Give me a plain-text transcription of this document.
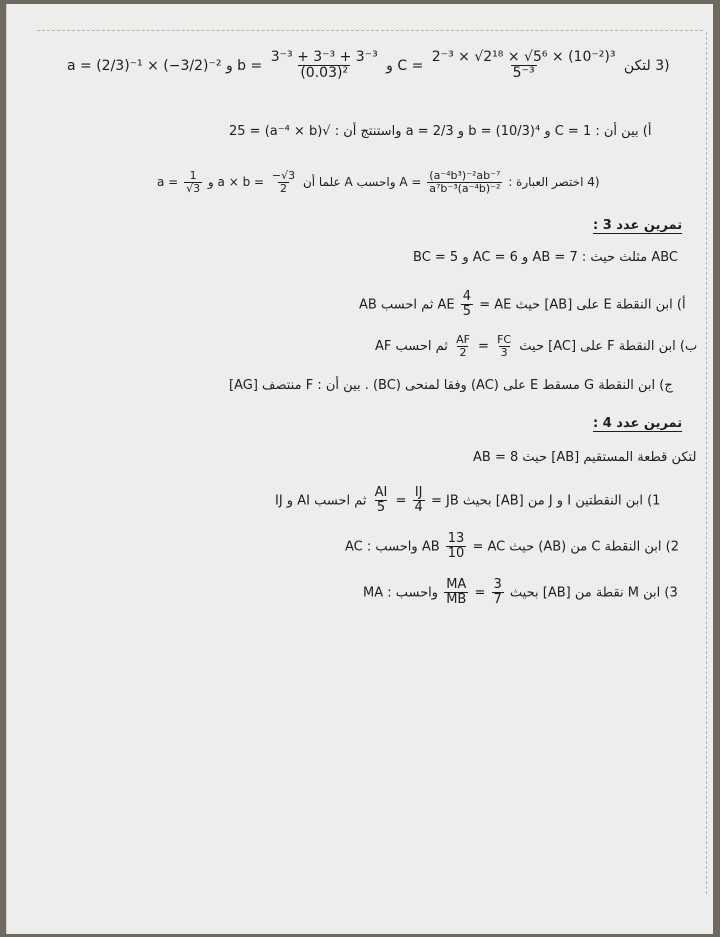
a = (2/3)⁻¹ × (−3/2)⁻² و $b = \frac{\text{3⁻³ + 3⁻³ + 3⁻³}}{\text{(0.03)²}}$ و $C = \frac{\text{2⁻³ × √2¹⁸ × √5⁶ × (10⁻²)³}}{\text{5⁻³}} (3$ لتكن
واستنتج أن : √(a⁻⁴ × b) = 25 a = 2/3 و b = (10/3)⁴ و C = 1 أ) بين أن :
$a = \frac{1}{√3}$ و $a \times b = \frac{-√3}{2}$ واحسب A علما أن $A = \frac{\text{(a⁻⁴b³)⁻²ab⁻⁷}}{\text{a⁷b⁻³(a⁻⁴b)⁻²}} (4$ اختصر العبارة :
تمرين عدد 3 :
ABC مثلث حيث : AB = 7 و AC = 6 و BC = 5
AB ثم احسب AE $\frac{4}{5}$ أ) ابن النقطة E على [AB] حيث AE =
ثم احسب AF $\frac{AF}{2} = \frac{FC}{3}$ ب) ابن النقطة F على [AC] حيث
ج) ابن النقطة G مسقط E على (AC) وفقا لمنحى (BC) . بين أن : F منتصف [AG]
تمرين عدد 4 :
لتكن قطعة المستقيم [AB] حيث AB = 8
ثم احسب AI و IJ $\frac{AI}{5} = \frac{IJ}{4} 1$) ابن النقطتين I و J من [AB] بحيث JB =
AB واحسب : AC $\frac{13}{10} 2$) ابن النقطة C من (AB) حيث AC =
واحسب : MA $\frac{MA}{MB} = \frac{3}{7} 3$) ابن M نقطة من [AB] بحيث
